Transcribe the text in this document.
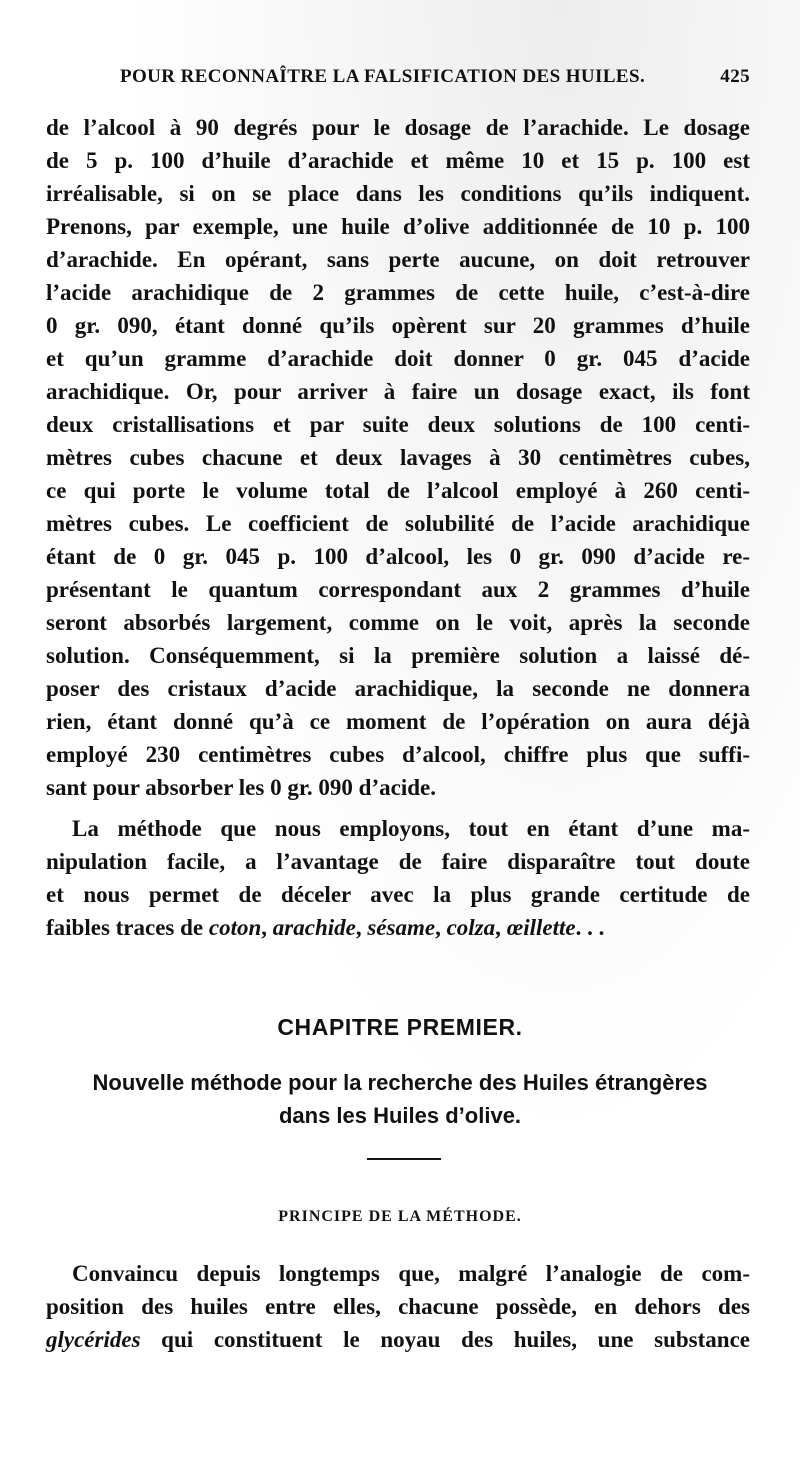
POUR RECONNAÎTRE LA FALSIFICATION DES HUILES.	425
de l’alcool à 90 degrés pour le dosage de l’arachide. Le dosage
de 5 p. 100 d’huile d’arachide et même 10 et 15 p. 100 est
irréalisable, si on se place dans les conditions qu’ils indiquent.
Prenons, par exemple, une huile d’olive additionnée de 10 p. 100
d’arachide. En opérant, sans perte aucune, on doit retrouver
l’acide arachidique de 2 grammes de cette huile, c’est-à-dire
0 gr. 090, étant donné qu’ils opèrent sur 20 grammes d’huile
et qu’un gramme d’arachide doit donner 0 gr. 045 d’acide
arachidique. Or, pour arriver à faire un dosage exact, ils font
deux cristallisations et par suite deux solutions de 100 centi-
mètres cubes chacune et deux lavages à 30 centimètres cubes,
ce qui porte le volume total de l’alcool employé à 260 centi-
mètres cubes. Le coefficient de solubilité de l’acide arachidique
étant de 0 gr. 045 p. 100 d’alcool, les 0 gr. 090 d’acide re-
présentant le quantum correspondant aux 2 grammes d’huile
seront absorbés largement, comme on le voit, après la seconde
solution. Conséquemment, si la première solution a laissé dé-
poser des cristaux d’acide arachidique, la seconde ne donnera
rien, étant donné qu’à ce moment de l’opération on aura déjà
employé 230 centimètres cubes d’alcool, chiffre plus que suffi-
sant pour absorber les 0 gr. 090 d’acide.
La méthode que nous employons, tout en étant d’une ma-
nipulation facile, a l’avantage de faire disparaître tout doute
et nous permet de déceler avec la plus grande certitude de
faibles traces de coton, arachide, sésame, colza, œillette. . .
CHAPITRE PREMIER.
Nouvelle méthode pour la recherche des Huiles étrangères
dans les Huiles d’olive.
PRINCIPE DE LA MÉTHODE.
Convaincu depuis longtemps que, malgré l’analogie de com-
position des huiles entre elles, chacune possède, en dehors des
glycérides qui constituent le noyau des huiles, une substance
